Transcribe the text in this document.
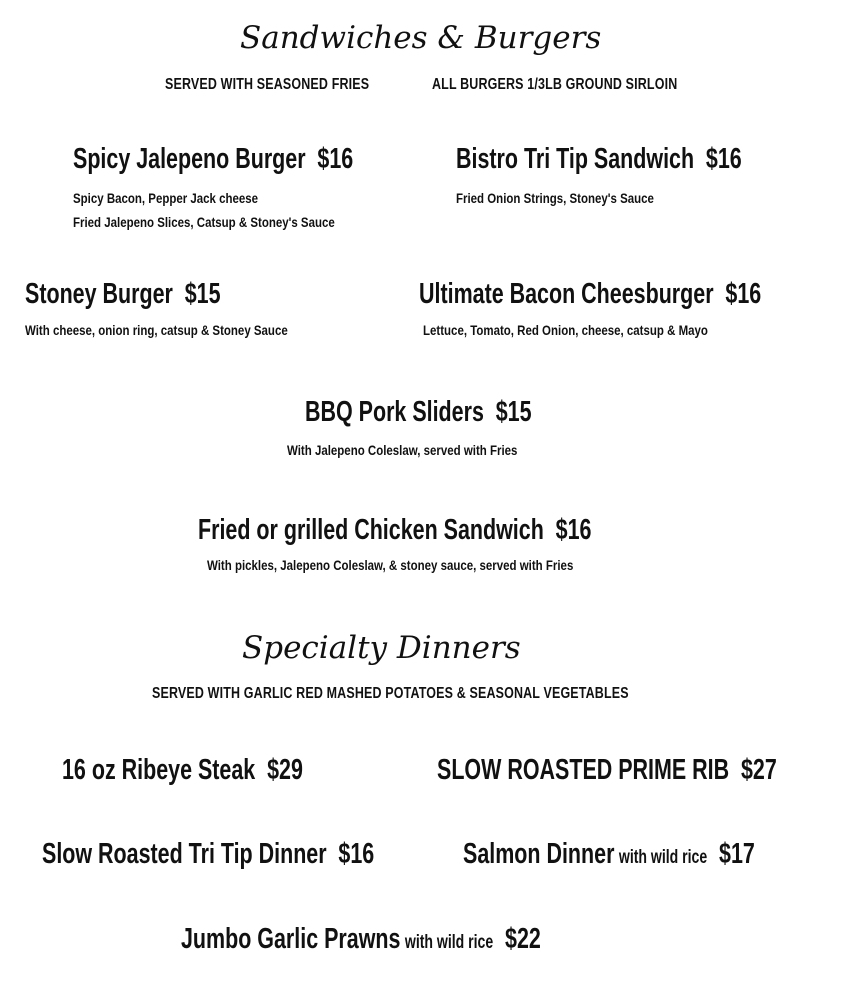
Sandwiches & Burgers
SERVED WITH SEASONED FRIES	ALL BURGERS 1/3LB GROUND SIRLOIN
Spicy Jalepeno Burger $16
Spicy Bacon, Pepper Jack cheese
Fried Jalepeno Slices, Catsup & Stoney's Sauce
Bistro Tri Tip Sandwich $16
Fried Onion Strings, Stoney's Sauce
Stoney Burger $15
With cheese, onion ring, catsup & Stoney Sauce
Ultimate Bacon Cheesburger $16
Lettuce, Tomato, Red Onion, cheese, catsup & Mayo
BBQ Pork Sliders $15
With Jalepeno Coleslaw, served with Fries
Fried or grilled Chicken Sandwich $16
With pickles, Jalepeno Coleslaw, & stoney sauce, served with Fries
Specialty Dinners
SERVED WITH GARLIC RED MASHED POTATOES & SEASONAL VEGETABLES
16 oz Ribeye Steak $29	SLOW ROASTED PRIME RIB $27
Slow Roasted Tri Tip Dinner $16	Salmon Dinner with wild rice $17
Jumbo Garlic Prawns with wild rice $22
